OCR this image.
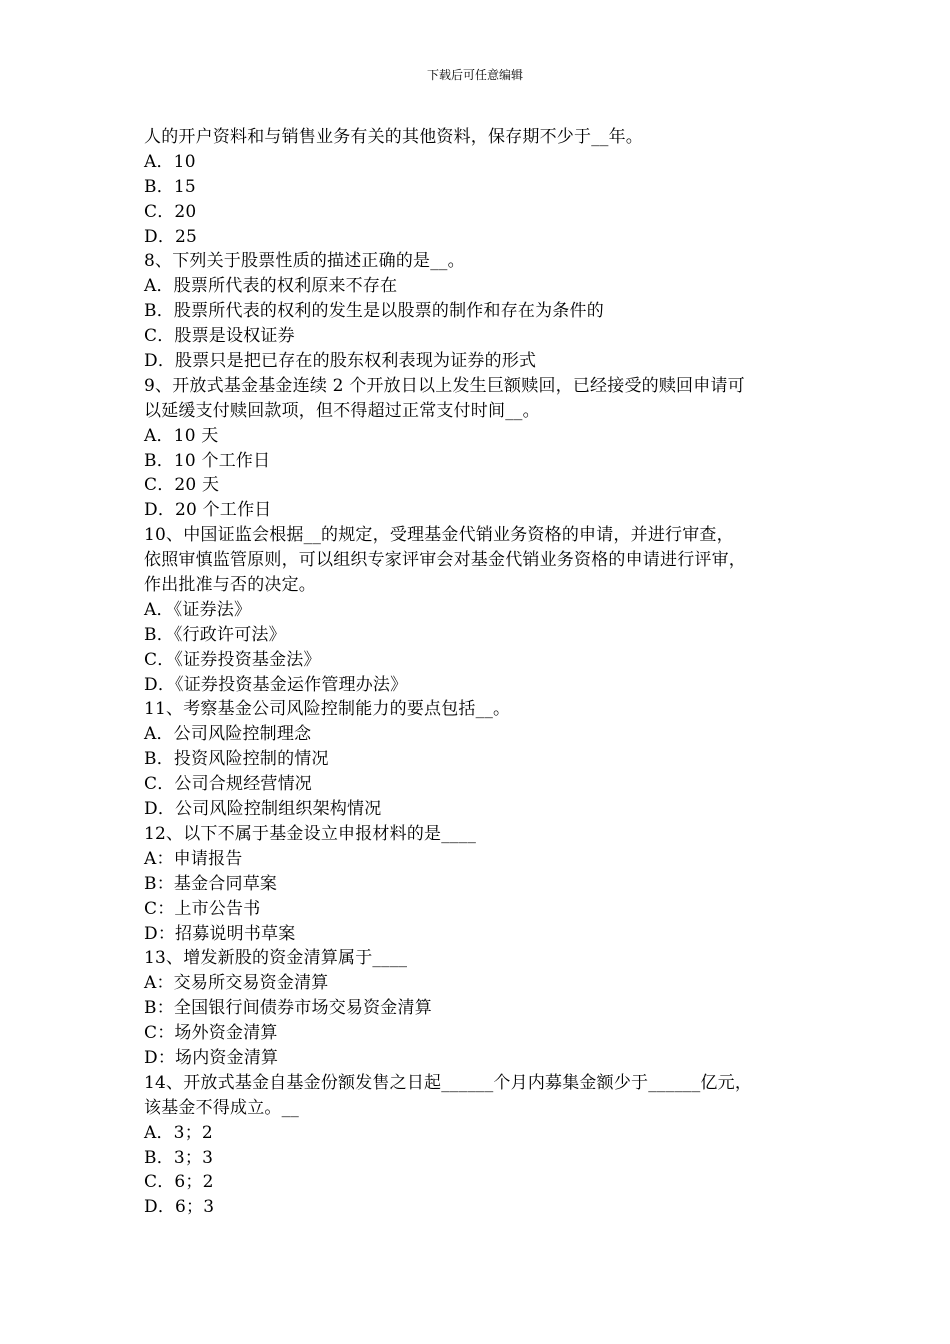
下载后可任意编辑
人的开户资料和与销售业务有关的其他资料，保存期不少于__年。
A．10
B．15
C．20
D．25
8、下列关于股票性质的描述正确的是__。
A．股票所代表的权利原来不存在
B．股票所代表的权利的发生是以股票的制作和存在为条件的
C．股票是设权证券
D．股票只是把已存在的股东权利表现为证券的形式
9、开放式基金基金连续 2 个开放日以上发生巨额赎回，已经接受的赎回申请可
以延缓支付赎回款项，但不得超过正常支付时间__。
A．10 天
B．10 个工作日
C．20 天
D．20 个工作日
10、中国证监会根据__的规定，受理基金代销业务资格的申请，并进行审查，
依照审慎监管原则，可以组织专家评审会对基金代销业务资格的申请进行评审，
作出批准与否的决定。
A．《证券法》
B．《行政许可法》
C．《证券投资基金法》
D．《证券投资基金运作管理办法》
11、考察基金公司风险控制能力的要点包括__。
A．公司风险控制理念
B．投资风险控制的情况
C．公司合规经营情况
D．公司风险控制组织架构情况
12、以下不属于基金设立申报材料的是____
A：申请报告
B：基金合同草案
C：上市公告书
D：招募说明书草案
13、增发新股的资金清算属于____
A：交易所交易资金清算
B：全国银行间债券市场交易资金清算
C：场外资金清算
D：场内资金清算
14、开放式基金自基金份额发售之日起______个月内募集金额少于______亿元，
该基金不得成立。__
A．3；2
B．3；3
C．6；2
D．6；3
